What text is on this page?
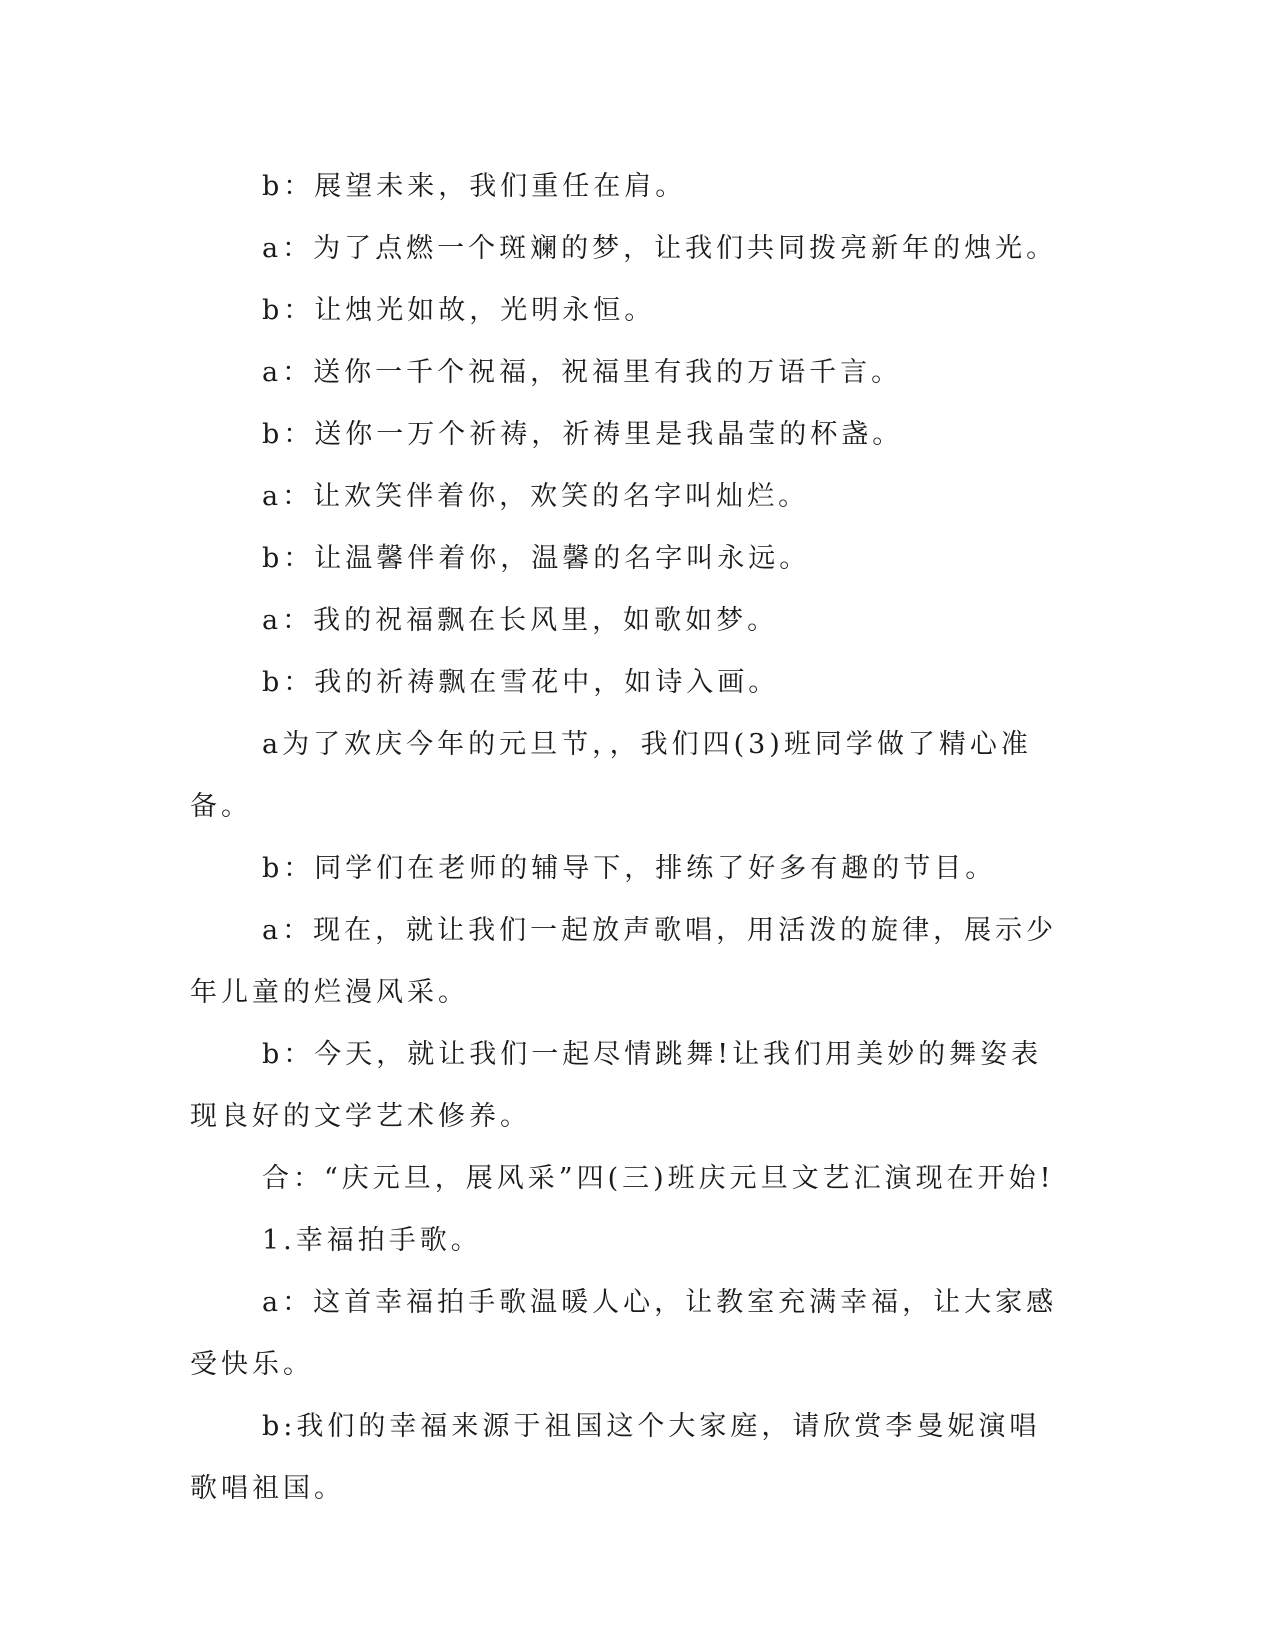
b：展望未来，我们重任在肩。

a：为了点燃一个斑斓的梦，让我们共同拨亮新年的烛光。

b：让烛光如故，光明永恒。

a：送你一千个祝福，祝福里有我的万语千言。

b：送你一万个祈祷，祈祷里是我晶莹的杯盏。

a：让欢笑伴着你，欢笑的名字叫灿烂。

b：让温馨伴着你，温馨的名字叫永远。

a：我的祝福飘在长风里，如歌如梦。

b：我的祈祷飘在雪花中，如诗入画。

a为了欢庆今年的元旦节，，我们四(3)班同学做了精心准备。

b：同学们在老师的辅导下，排练了好多有趣的节目。

a：现在，就让我们一起放声歌唱，用活泼的旋律，展示少年儿童的烂漫风采。

b：今天，就让我们一起尽情跳舞!让我们用美妙的舞姿表现良好的文学艺术修养。

合：“庆元旦，展风采”四(三)班庆元旦文艺汇演现在开始!

1.幸福拍手歌。

a：这首幸福拍手歌温暖人心，让教室充满幸福，让大家感受快乐。

b:我们的幸福来源于祖国这个大家庭，请欣赏李曼妮演唱歌唱祖国。
